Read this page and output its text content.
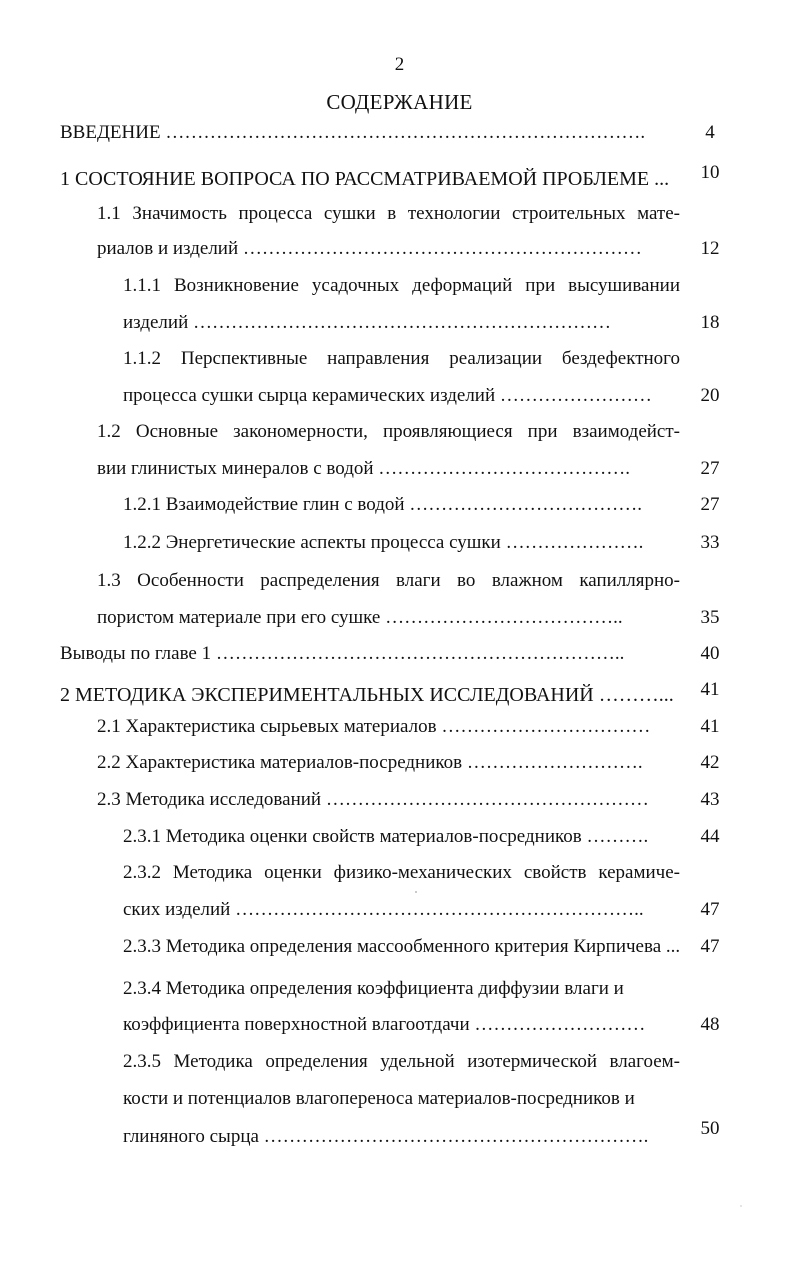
2
СОДЕРЖАНИЕ
ВВЕДЕНИЕ ………………………………………………………………….	4
1 СОСТОЯНИЕ ВОПРОСА ПО РАССМАТРИВАЕМОЙ ПРОБЛЕМЕ ...	10
1.1 Значимость процесса сушки в технологии строительных мате-
риалов и изделий ………………………………………………………	12
1.1.1 Возникновение усадочных деформаций при высушивании
изделий …………………………………………………………	18
1.1.2 Перспективные направления реализации бездефектного
процесса сушки сырца керамических изделий ……………………	20
1.2 Основные закономерности, проявляющиеся при взаимодейст-
вии глинистых минералов с водой ………………………………….	27
1.2.1 Взаимодействие глин с водой ……………………………….	27
1.2.2 Энергетические аспекты процесса сушки ………………….	33
1.3 Особенности распределения влаги во влажном капиллярно-
пористом материале при его сушке ………………………………..	35
Выводы по главе 1 ………………………………………………………..	40
2 МЕТОДИКА ЭКСПЕРИМЕНТАЛЬНЫХ ИССЛЕДОВАНИЙ ………...	41
2.1 Характеристика сырьевых материалов ……………………………	41
2.2 Характеристика материалов-посредников ……………………….	42
2.3 Методика исследований ……………………………………………	43
2.3.1 Методика оценки свойств материалов-посредников ……….	44
2.3.2 Методика оценки физико-механических свойств керамиче-
ских изделий ………………………………………………………..	47
2.3.3 Методика определения массообменного критерия Кирпичева ...	47
2.3.4 Методика определения коэффициента диффузии влаги и
коэффициента поверхностной влагоотдачи ………………………	48
2.3.5 Методика определения удельной изотермической влагоем-
кости и потенциалов влагопереноса материалов-посредников и
глиняного сырца …………………………………………………….	50
